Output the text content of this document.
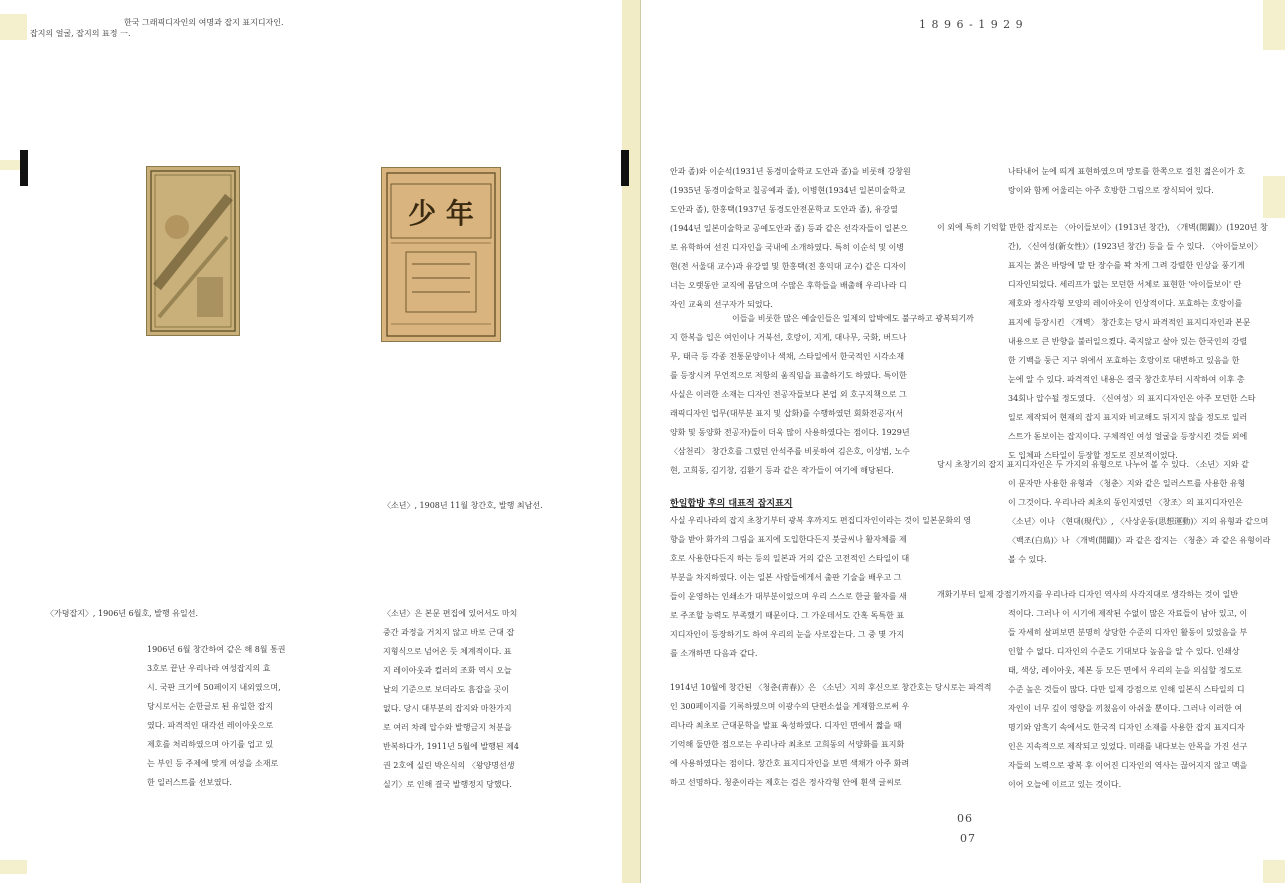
한국 그래픽디자인의 여명과 잡지 표지디자인.
잡지의 얼굴, 잡지의 표정 一.
少 年
〈소년〉, 1908년 11월 창간호, 발행 최남선.
〈가뎡잡지〉, 1906년 6월호, 발행 유일선.
1906년 6월 창간하여 같은 해 8월 통권
3호로 끝난 우리나라 여성잡지의 효
시. 국판 크기에 50페이지 내외였으며,
당시로서는 순한글로 된 유일한 잡지
였다. 파격적인 대각선 레이아웃으로
제호를 처리하였으며 아기를 업고 있
는 부인 등 주제에 맞게 여성을 소재로
한 일러스트를 선보였다.
〈소년〉은 본문 편집에 있어서도 마치
중간 과정을 거치지 않고 바로 근대 잡
지형식으로 넘어온 듯 체계적이다. 표
지 레이아웃과 컬러의 조화 역시 오늘
날의 기준으로 보더라도 흠잡을 곳이
없다. 당시 대부분의 잡지와 마찬가지
로 여러 차례 압수와 발행금지 처분을
반복하다가, 1911년 5월에 발행된 제4
권 2호에 실린 박은식의 〈왕양명선생
실기〉로 인해 결국 발행정지 당했다.
1 8 9 6 - 1 9 2 9
안과 졸)와 이순석(1931년 동경미술학교 도안과 졸)을 비롯해 강창원
(1935년 동경미술학교 칠공예과 졸), 이병현(1934년 일본미술학교
도안과 졸), 한홍택(1937년 동경도안전문학교 도안과 졸), 유강열
(1944년 일본미술학교 공예도안과 졸) 등과 같은 선각자들이 일본으
로 유학하여 선진 디자인을 국내에 소개하였다. 특히 이순석 및 이병
현(전 서울대 교수)과 유강열 및 한홍택(전 홍익대 교수) 같은 디자이
너는 오랫동안 교직에 몸담으며 수많은 후학들을 배출해 우리나라 디
자인 교육의 선구자가 되었다.
이들을 비롯한 많은 예술인들은 일제의 압박에도 불구하고 광복되기까
지 한복을 입은 여인이나 거북선, 호랑이, 지게, 대나무, 국화, 버드나
무, 태극 등 각종 전통문양이나 색채, 스타일에서 한국적인 시각소재
를 등장시켜 무언적으로 저항의 움직임을 표출하기도 하였다. 특이한
사실은 이러한 소재는 디자인 전공자들보다 본업 외 호구지책으로 그
래픽디자인 업무(대부분 표지 및 삽화)를 수행하였던 회화전공자(서
양화 및 동양화 전공자)들이 더욱 많이 사용하였다는 점이다. 1929년
〈삼천리〉 창간호를 그렸던 안석주를 비롯하여 김은호, 이상범, 노수
현, 고희동, 김기창, 김환기 등과 같은 작가들이 여기에 해당된다.
한일합방 후의 대표적 잡지표지
사실 우리나라의 잡지 초창기부터 광복 후까지도 편집디자인이라는 것이 일본문화의 영
향을 받아 화가의 그림을 표지에 도입한다든지 붓글씨나 활자체를 제
호로 사용한다든지 하는 등의 일본과 거의 같은 고전적인 스타일이 대
부분을 차지하였다. 이는 일본 사람들에게서 출판 기술을 배우고 그
들이 운영하는 인쇄소가 대부분이었으며 우리 스스로 한글 활자를 새
로 주조할 능력도 부족했기 때문이다. 그 가운데서도 간혹 독특한 표
지디자인이 등장하기도 하여 우리의 눈을 사로잡는다. 그 중 몇 가지
를 소개하면 다음과 같다.
1914년 10월에 창간된 〈청춘(靑春)〉은 〈소년〉지의 후신으로 창간호는 당시로는 파격적
인 300페이지를 기록하였으며 이광수의 단편소설을 게재함으로써 우
리나라 최초로 근대문학을 발표 육성하였다. 디자인 면에서 짧을 때
기억해 둘만한 점으로는 우리나라 최초로 고희동의 서양화를 표지화
에 사용하였다는 점이다. 창간호 표지디자인을 보면 색채가 아주 화려
하고 선명하다. 청춘이라는 제호는 검은 정사각형 안에 흰색 글씨로
나타내어 눈에 띄게 표현하였으며 망토를 한쪽으로 걸친 젊은이가 호
랑이와 함께 어울리는 아주 호방한 그림으로 장식되어 있다.
이 외에 특히 기억할 만한 잡지로는 〈아이들보이〉(1913년 창간), 〈개벽(開闢)〉(1920년 창
간), 〈신여성(新女性)〉(1923년 창간) 등을 들 수 있다. 〈아이들보이〉
표지는 붉은 바탕에 말 탄 장수를 꽉 차게 그려 강렬한 인상을 풍기게
디자인되었다. 세리프가 없는 모던한 서체로 표현한 '아이들보이' 란
제호와 정사각형 모양의 레이아웃이 인상적이다. 포효하는 호랑이를
표지에 등장시킨 〈개벽〉 창간호는 당시 파격적인 표지디자인과 본문
내용으로 큰 반향을 불러일으켰다. 죽지않고 살아 있는 한국인의 강렬
한 기백을 둥근 지구 위에서 포효하는 호랑이로 대변하고 있음을 한
눈에 알 수 있다. 파격적인 내용은 결국 창간호부터 시작하여 이후 총
34회나 압수될 정도였다. 〈신여성〉의 표지디자인은 아주 모던한 스타
일로 제작되어 현재의 잡지 표지와 비교해도 뒤지지 않을 정도로 일러
스트가 돋보이는 잡지이다. 구체적인 여성 얼굴을 등장시킨 것들 외에
도 입체파 스타일이 등장할 정도로 진보적이었다.
당시 초창기의 잡지 표지디자인은 두 가지의 유형으로 나누어 볼 수 있다. 〈소년〉지와 같
이 문자만 사용한 유형과 〈청춘〉지와 같은 일러스트를 사용한 유형
이 그것이다. 우리나라 최초의 동인지였던 〈창조〉의 표지디자인은
〈소년〉이나 〈현대(現代)〉, 〈사상운동(思想運動)〉지의 유형과 같으며
〈백조(白鳥)〉나 〈개벽(開闢)〉과 같은 잡지는 〈청춘〉과 같은 유형이라
볼 수 있다.
개화기부터 일제 강점기까지를 우리나라 디자인 역사의 사각지대로 생각하는 것이 일반
적이다. 그러나 이 시기에 제작된 수없이 많은 자료들이 남아 있고, 이
들 자세히 살펴보면 분명히 상당한 수준의 디자인 활동이 있었음을 부
인할 수 없다. 디자인의 수준도 기대보다 높음을 알 수 있다. 인쇄상
태, 색상, 레이아웃, 제본 등 모든 면에서 우리의 눈을 의심할 정도로
수준 높은 것들이 많다. 다만 일제 강점으로 인해 일본식 스타일의 디
자인이 너무 깊이 영향을 끼쳤음이 아쉬울 뿐이다. 그러나 이러한 여
명기와 암흑기 속에서도 한국적 디자인 소재를 사용한 잡지 표지디자
인은 지속적으로 제작되고 있었다. 미래를 내다보는 안목을 가진 선구
자들의 노력으로 광복 후 이어진 디자인의 역사는 끊어지지 않고 맥을
이어 오늘에 이르고 있는 것이다.
06
07
